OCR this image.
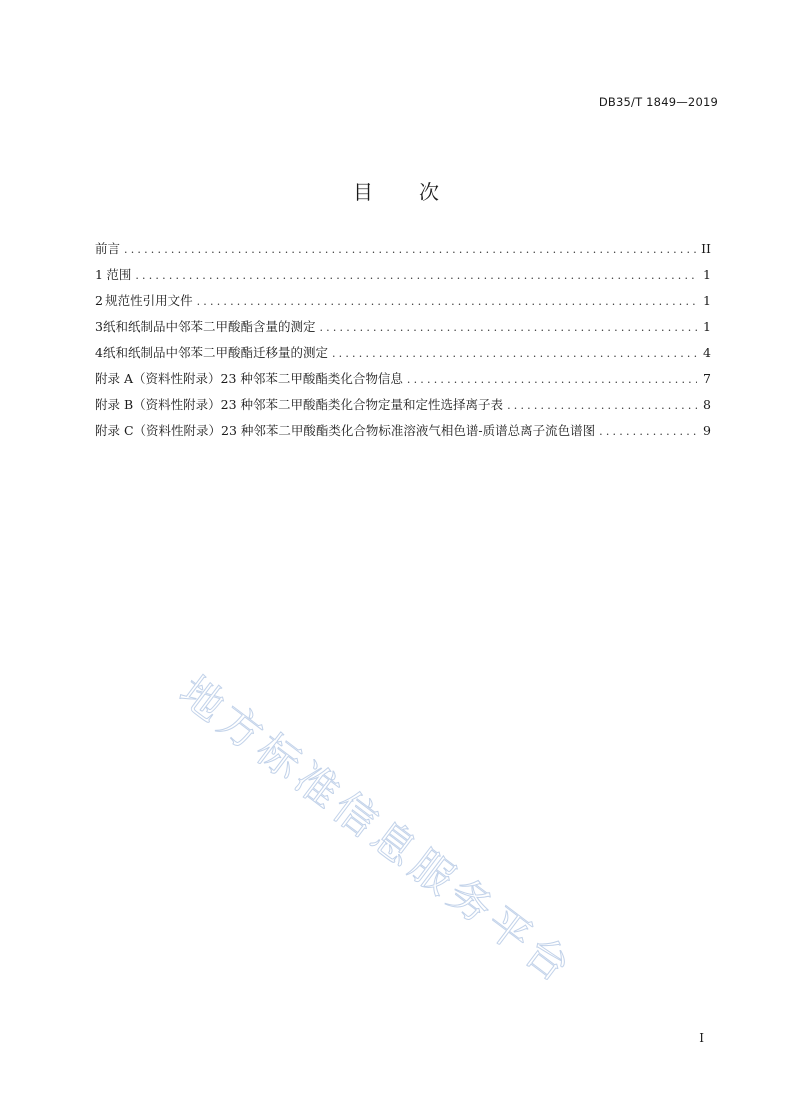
DB35/T 1849—2019
目 次
前言 .....	II
1 范围 .....	1
2 规范性引用文件 .....	1
3 纸和纸制品中邻苯二甲酸酯含量的测定 .....	1
4 纸和纸制品中邻苯二甲酸酯迁移量的测定 .....	4
附录 A（资料性附录） 23 种邻苯二甲酸酯类化合物信息 .....	7
附录 B（资料性附录） 23 种邻苯二甲酸酯类化合物定量和定性选择离子表 .....	8
附录 C（资料性附录） 23 种邻苯二甲酸酯类化合物标准溶液气相色谱-质谱总离子流色谱图 .....	9
地方标准信息服务平台
I
